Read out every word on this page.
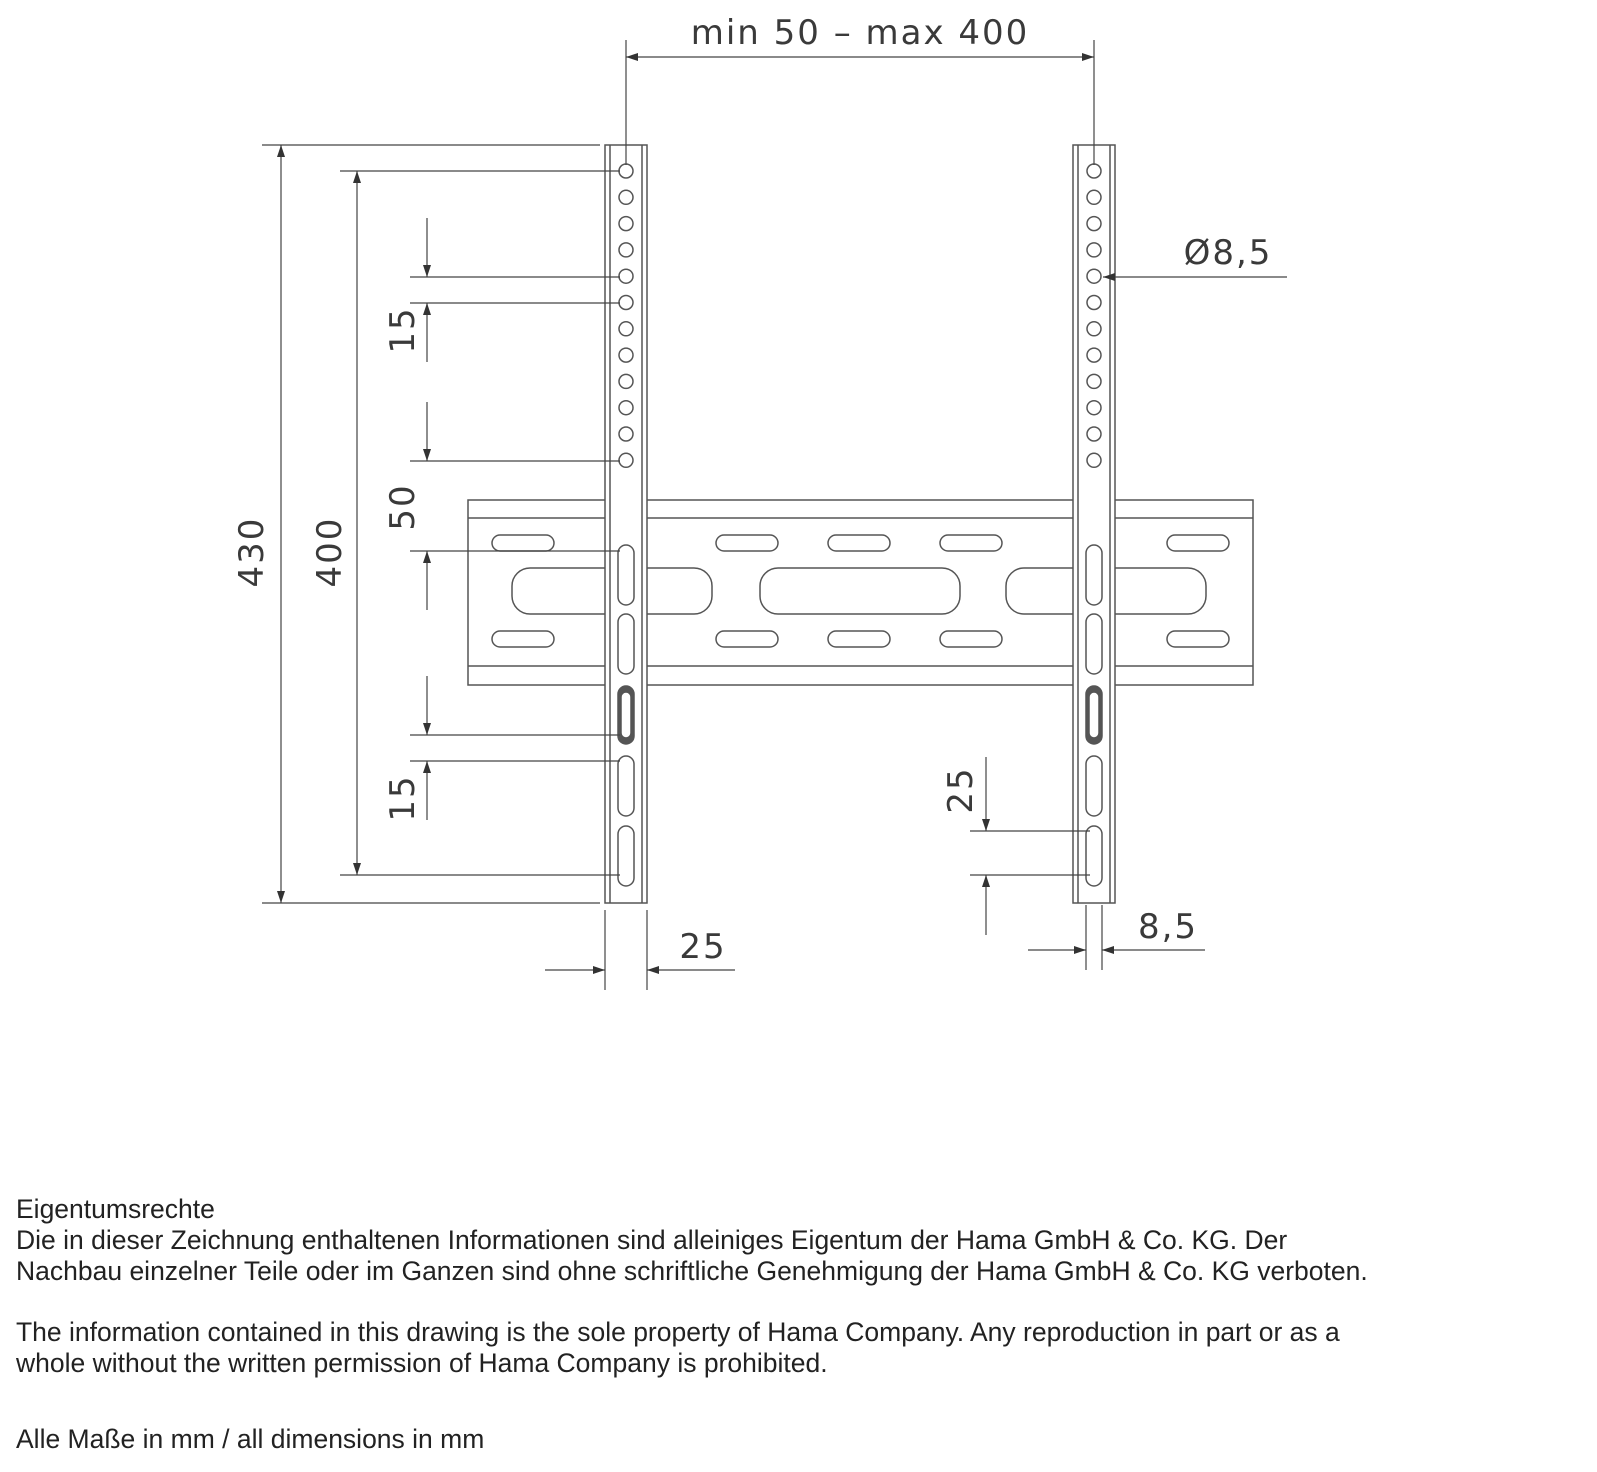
min 50 – max 400
430 400
15
50
15
25
25
8,5
Ø8,5

Eigentumsrechte

Die in dieser Zeichnung enthaltenen Informationen sind alleiniges Eigentum der Hama GmbH & Co. KG. Der

Nachbau einzelner Teile oder im Ganzen sind ohne schriftliche Genehmigung der Hama GmbH & Co. KG verboten.

The information contained in this drawing is the sole property of Hama Company. Any reproduction in part or as a

whole without the written permission of Hama Company is prohibited.

Alle Maße in mm / all dimensions in mm
